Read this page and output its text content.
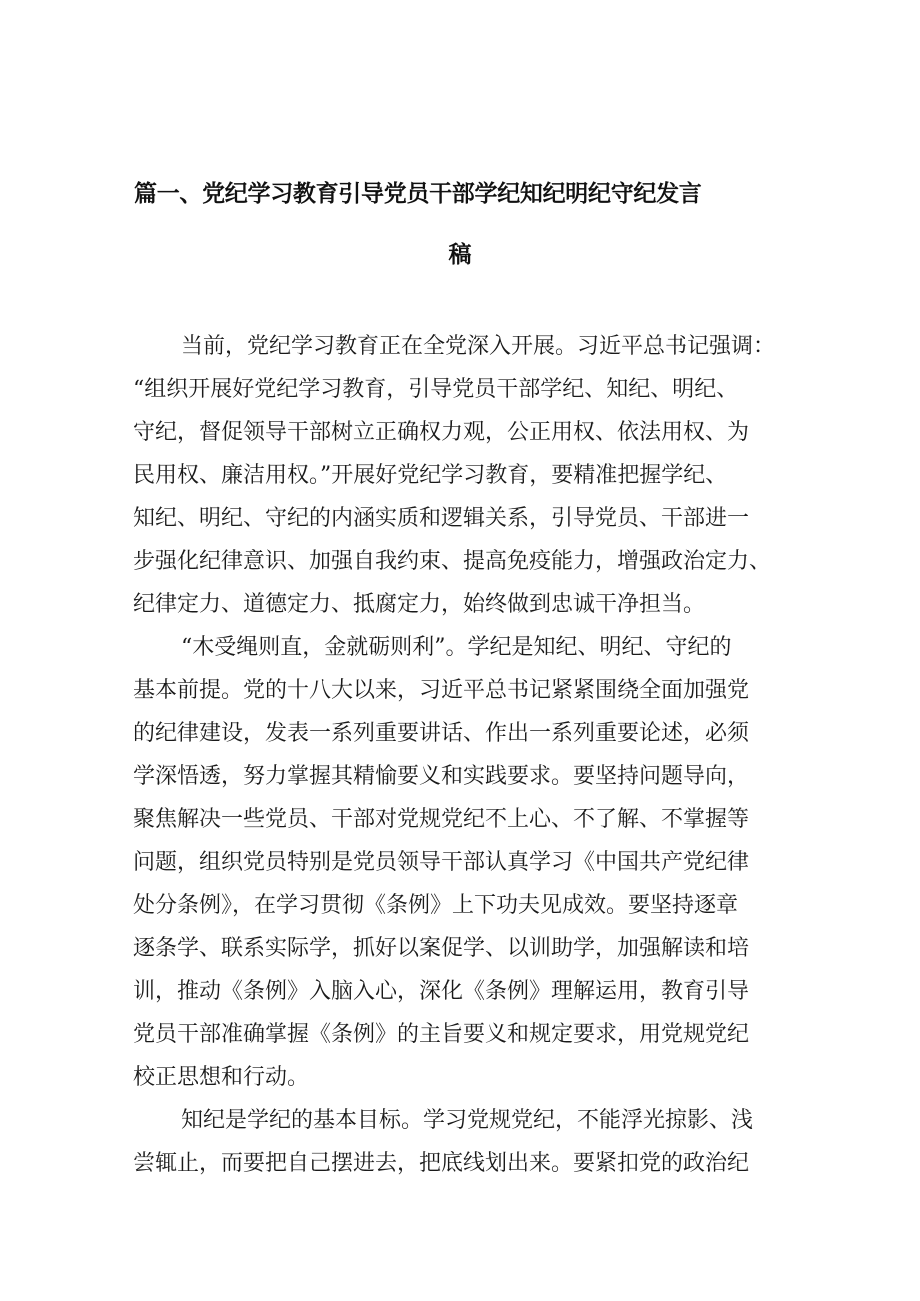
篇一、党纪学习教育引导党员干部学纪知纪明纪守纪发言
稿
当前，党纪学习教育正在全党深入开展。习近平总书记强调：
“组织开展好党纪学习教育，引导党员干部学纪、知纪、明纪、
守纪，督促领导干部树立正确权力观，公正用权、依法用权、为
民用权、廉洁用权。”开展好党纪学习教育，要精准把握学纪、
知纪、明纪、守纪的内涵实质和逻辑关系，引导党员、干部进一
步强化纪律意识、加强自我约束、提高免疫能力，增强政治定力、
纪律定力、道德定力、抵腐定力，始终做到忠诚干净担当。
“木受绳则直，金就砺则利”。学纪是知纪、明纪、守纪的
基本前提。党的十八大以来，习近平总书记紧紧围绕全面加强党
的纪律建设，发表一系列重要讲话、作出一系列重要论述，必须
学深悟透，努力掌握其精愉要义和实践要求。要坚持问题导向，
聚焦解决一些党员、干部对党规党纪不上心、不了解、不掌握等
问题，组织党员特别是党员领导干部认真学习《中国共产党纪律
处分条例》，在学习贯彻《条例》上下功夫见成效。要坚持逐章
逐条学、联系实际学，抓好以案促学、以训助学，加强解读和培
训，推动《条例》入脑入心，深化《条例》理解运用，教育引导
党员干部准确掌握《条例》的主旨要义和规定要求，用党规党纪
校正思想和行动。
知纪是学纪的基本目标。学习党规党纪，不能浮光掠影、浅
尝辄止，而要把自己摆进去，把底线划出来。要紧扣党的政治纪
